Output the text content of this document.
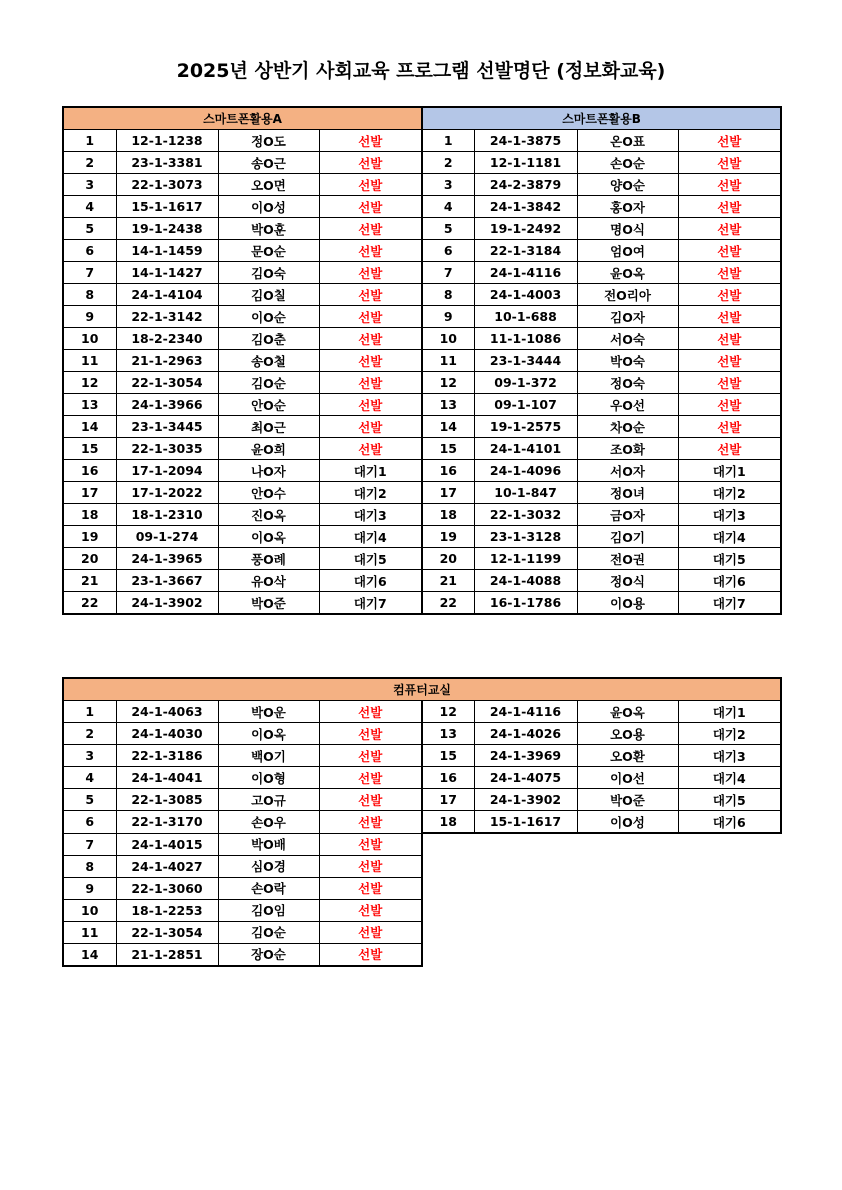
2025년 상반기 사회교육 프로그램 선발명단 (정보화교육)
스마트폰활용A				스마트폰활용B			
1	12-1-1238	정O도	선발	1	24-1-3875	온O표	선발
2	23-1-3381	송O근	선발	2	12-1-1181	손O순	선발
3	22-1-3073	오O면	선발	3	24-2-3879	양O순	선발
4	15-1-1617	이O성	선발	4	24-1-3842	홍O자	선발
5	19-1-2438	박O훈	선발	5	19-1-2492	명O식	선발
6	14-1-1459	문O순	선발	6	22-1-3184	엄O여	선발
7	14-1-1427	김O숙	선발	7	24-1-4116	윤O옥	선발
8	24-1-4104	김O칠	선발	8	24-1-4003	전O리아	선발
9	22-1-3142	이O순	선발	9	10-1-688	김O자	선발
10	18-2-2340	김O춘	선발	10	11-1-1086	서O숙	선발
11	21-1-2963	송O철	선발	11	23-1-3444	박O숙	선발
12	22-1-3054	김O순	선발	12	09-1-372	정O숙	선발
13	24-1-3966	안O순	선발	13	09-1-107	우O선	선발
14	23-1-3445	최O근	선발	14	19-1-2575	차O순	선발
15	22-1-3035	윤O희	선발	15	24-1-4101	조O화	선발
16	17-1-2094	나O자	대기1	16	24-1-4096	서O자	대기1
17	17-1-2022	안O수	대기2	17	10-1-847	정O녀	대기2
18	18-1-2310	진O옥	대기3	18	22-1-3032	금O자	대기3
19	09-1-274	이O옥	대기4	19	23-1-3128	김O기	대기4
20	24-1-3965	풍O례	대기5	20	12-1-1199	전O권	대기5
21	23-1-3667	유O삭	대기6	21	24-1-4088	정O식	대기6
22	24-1-3902	박O준	대기7	22	16-1-1786	이O용	대기7
컴퓨터교실							
1	24-1-4063	박O운	선발	12	24-1-4116	윤O옥	대기1
2	24-1-4030	이O옥	선발	13	24-1-4026	오O용	대기2
3	22-1-3186	백O기	선발	15	24-1-3969	오O환	대기3
4	24-1-4041	이O형	선발	16	24-1-4075	이O선	대기4
5	22-1-3085	고O규	선발	17	24-1-3902	박O준	대기5
6	22-1-3170	손O우	선발	18	15-1-1617	이O성	대기6
7	24-1-4015	박O배	선발				
8	24-1-4027	심O경	선발				
9	22-1-3060	손O락	선발				
10	18-1-2253	김O임	선발				
11	22-1-3054	김O순	선발				
14	21-1-2851	장O순	선발				
